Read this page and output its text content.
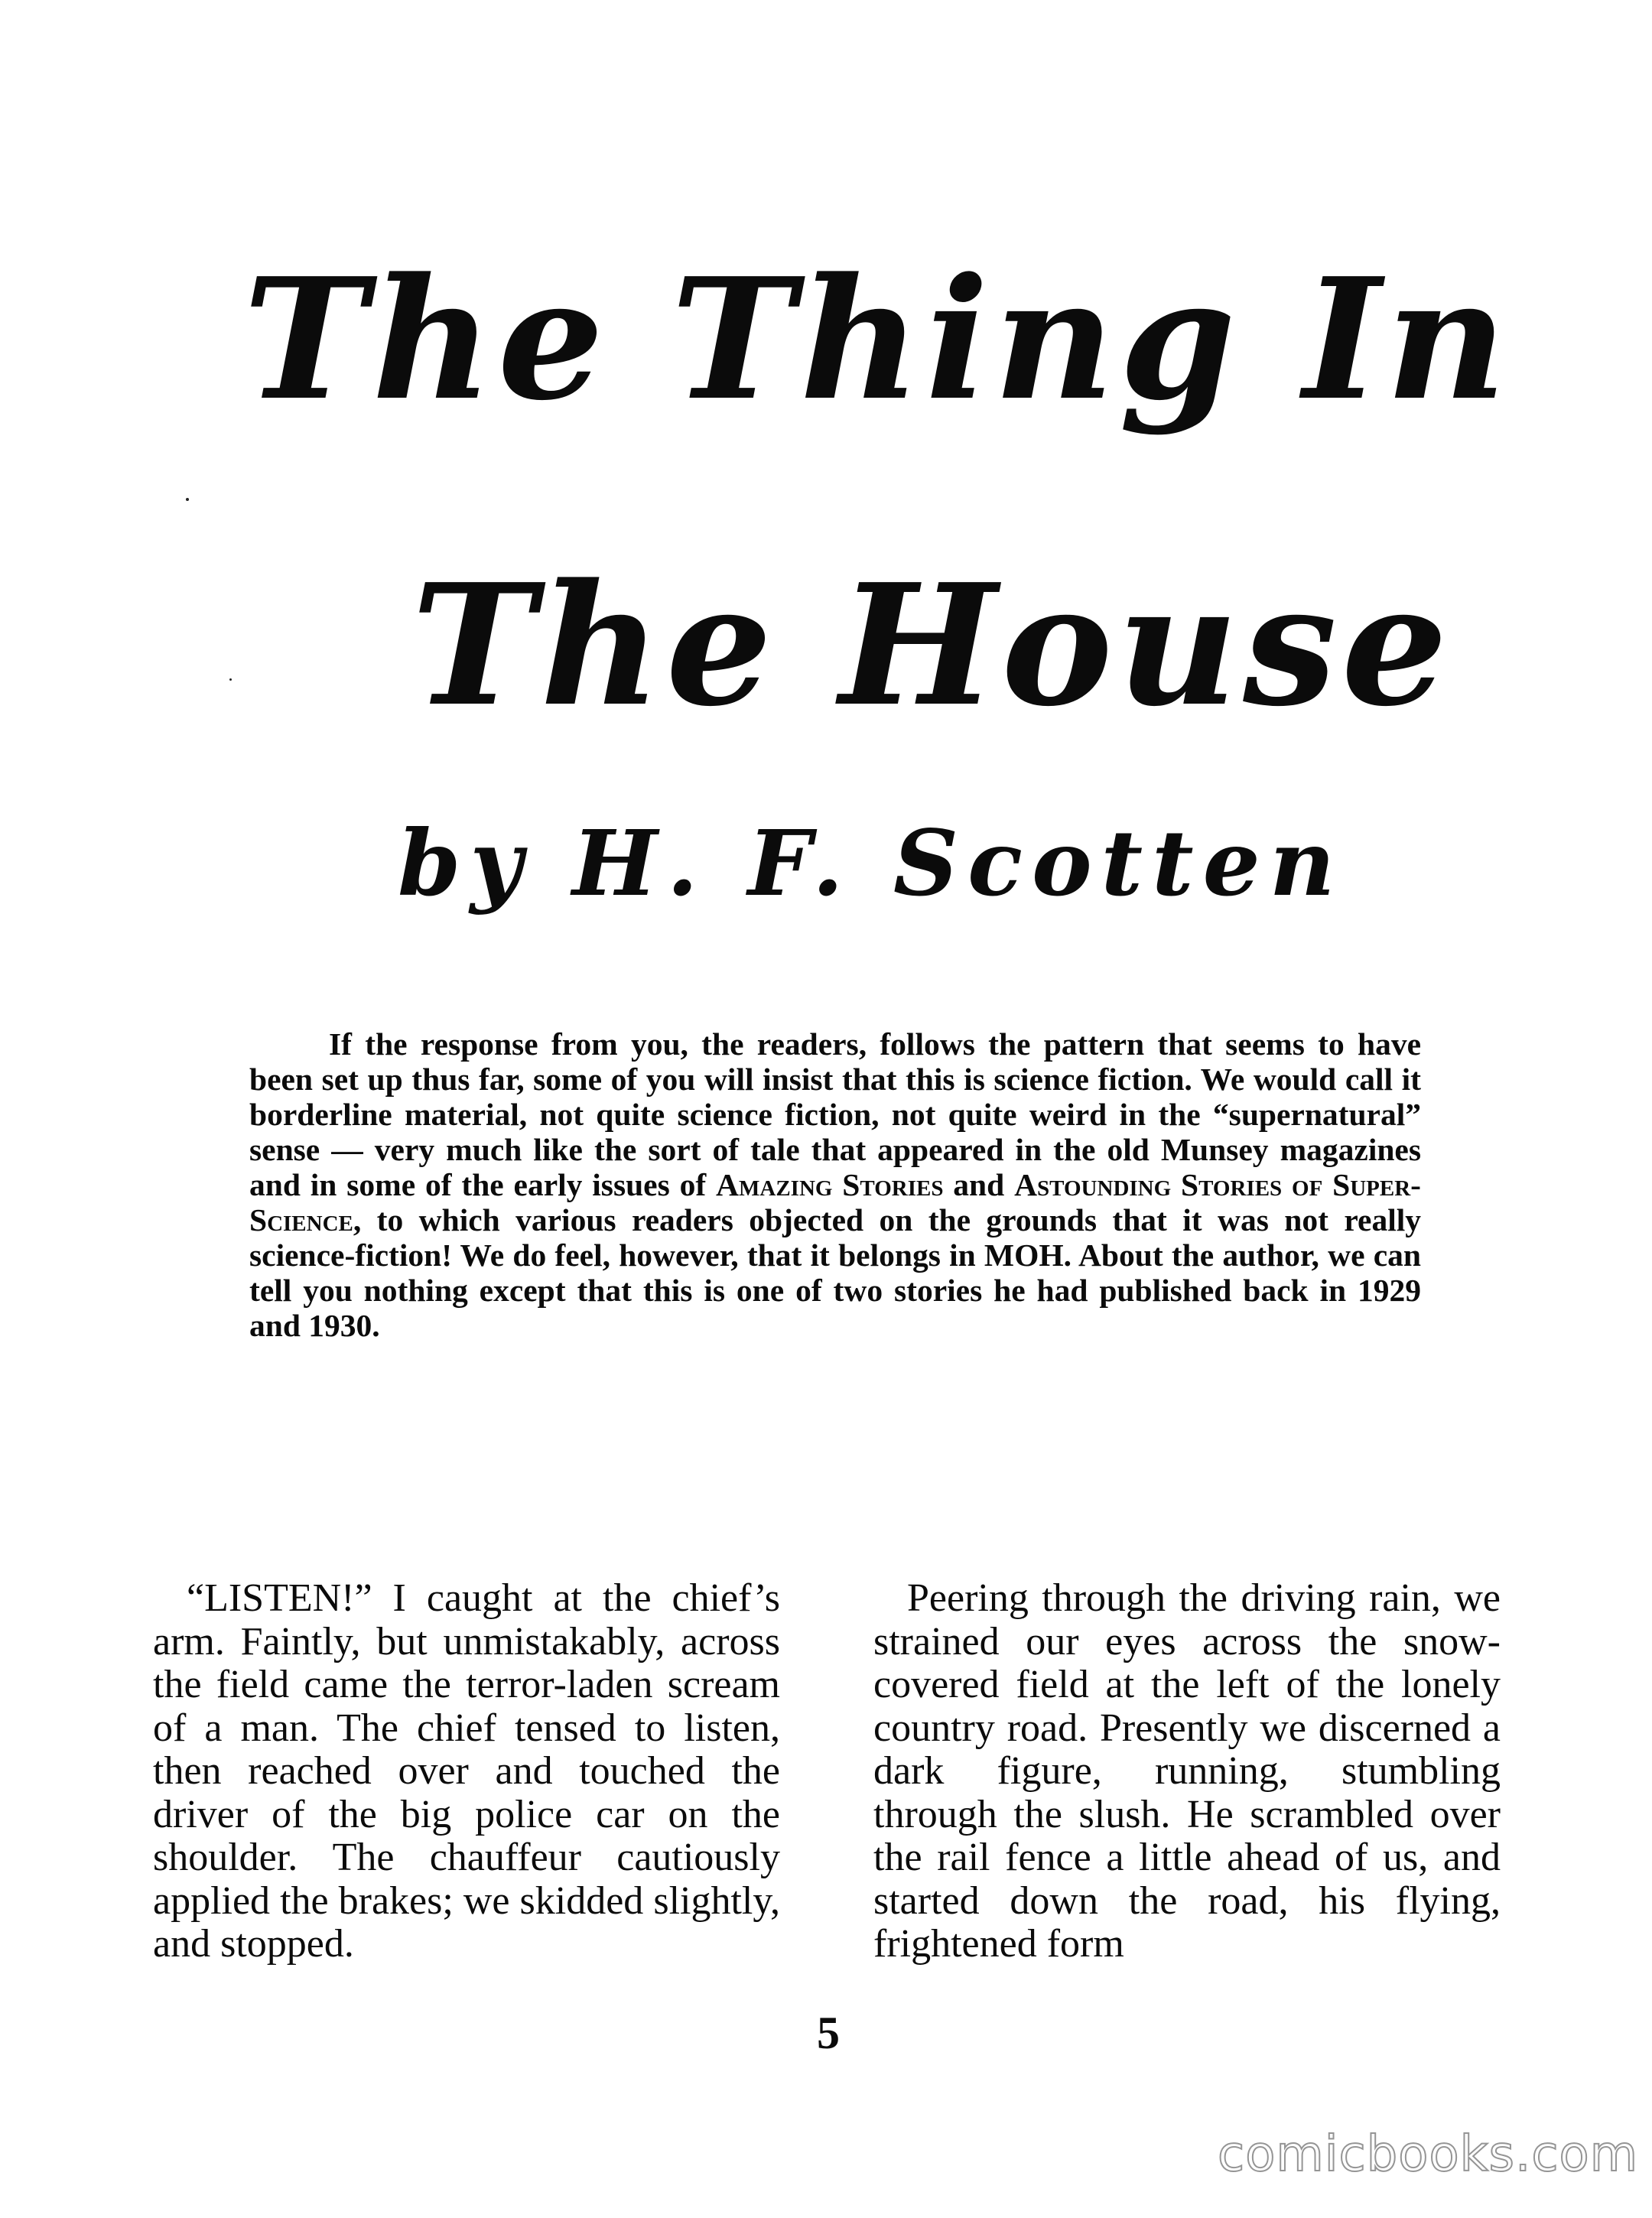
The Thing In
The House
by H. F. Scotten

If the response from you, the readers, follows the pattern that seems to have been set up thus far, some of you will insist that this is science fiction. We would call it borderline material, not quite science fiction, not quite weird in the “supernatural” sense — very much like the sort of tale that appeared in the old Munsey magazines and in some of the early issues of Amazing Stories and Astounding Stories of Super-Science, to which various readers objected on the grounds that it was not really science-fiction! We do feel, however, that it belongs in MOH. About the author, we can tell you nothing except that this is one of two stories he had published back in 1929 and 1930.

“LISTEN!” I caught at the chief’s arm. Faintly, but unmistakably, across the field came the terror-laden scream of a man. The chief tensed to listen, then reached over and touched the driver of the big police car on the shoulder. The chauffeur cautiously applied the brakes; we skidded slightly, and stopped.

Peering through the driving rain, we strained our eyes across the snow-covered field at the left of the lonely country road. Presently we discerned a dark figure, running, stumbling through the slush. He scrambled over the rail fence a little ahead of us, and started down the road, his flying, frightened form

5
comicbooks.com
